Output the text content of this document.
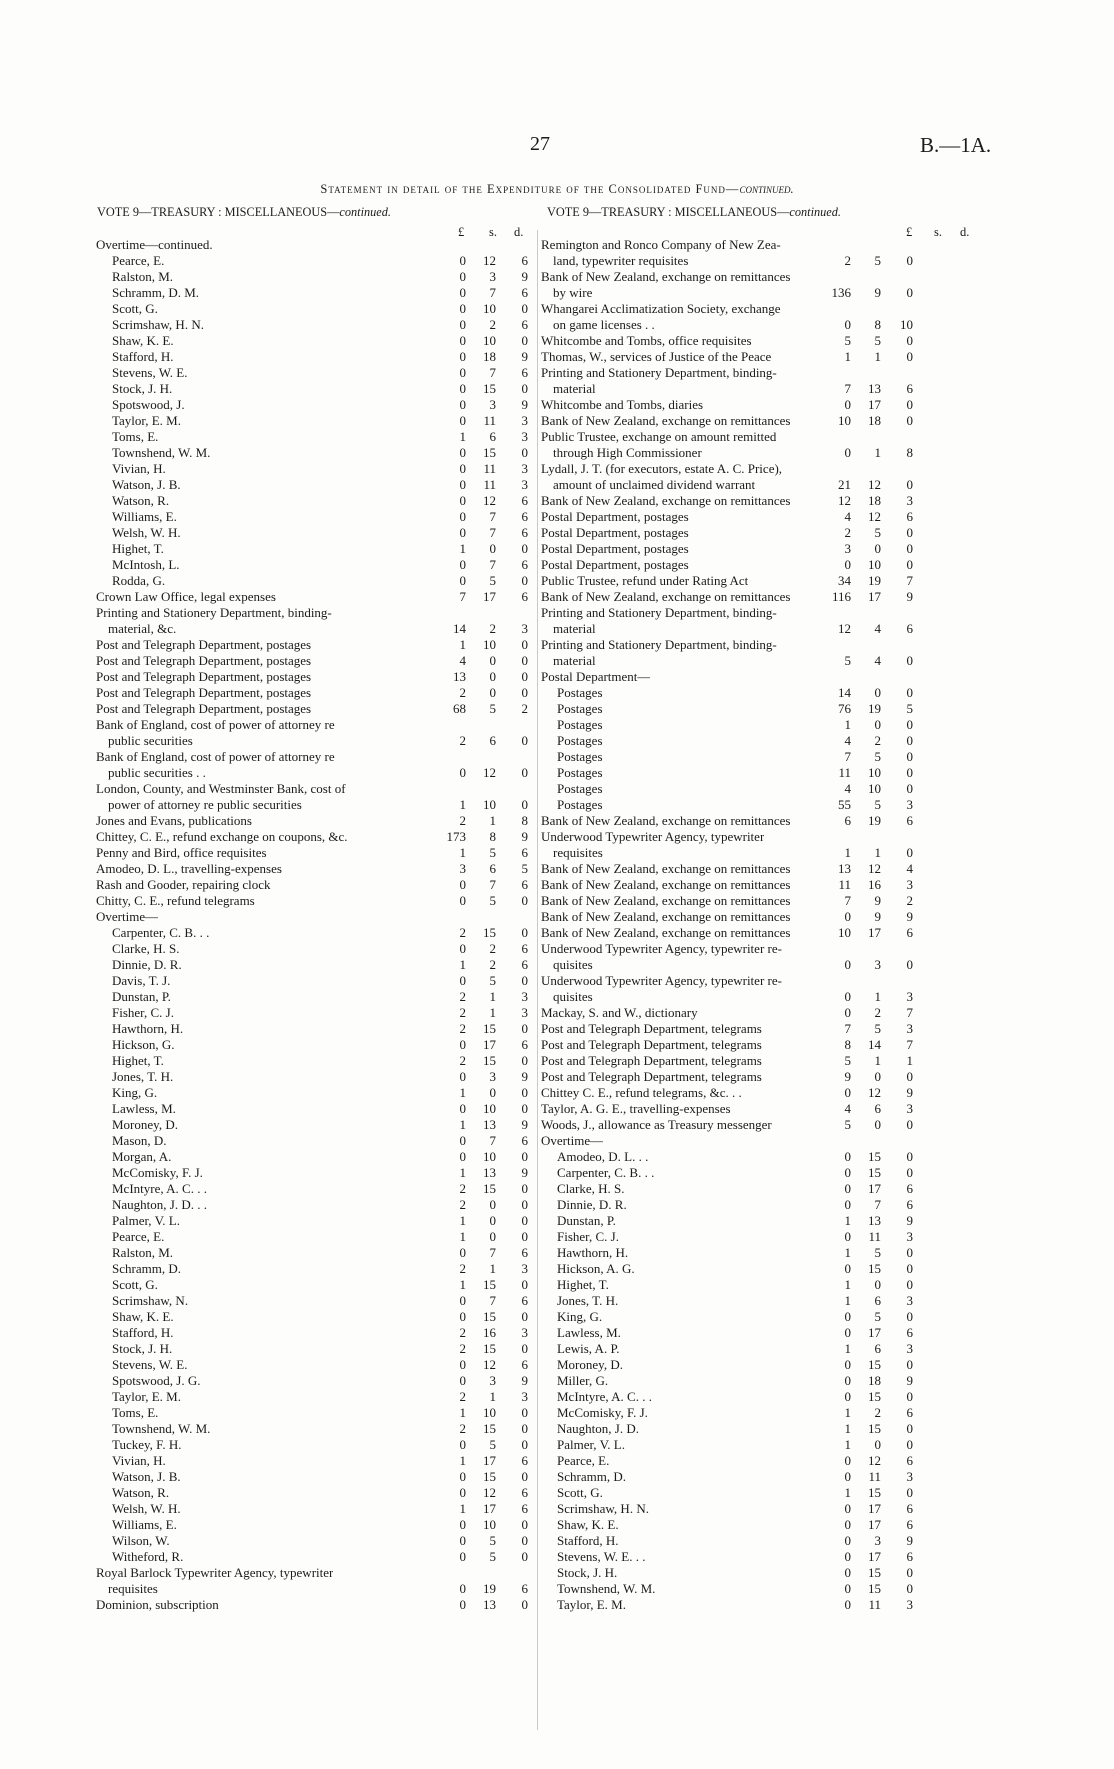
27	B.—1A.
Statement in detail of the Expenditure of the Consolidated Fund—continued.
VOTE 9—TREASURY : MISCELLANEOUS—continued.	VOTE 9—TREASURY : MISCELLANEOUS—continued.
£ s. d.	£ s. d.
Overtime—continued.
Pearce, E.	0	12	6
Ralston, M.	0	3	9
Schramm, D. M.	0	7	6
Scott, G.	0	10	0
Scrimshaw, H. N.	0	2	6
Shaw, K. E.	0	10	0
Stafford, H.	0	18	9
Stevens, W. E.	0	7	6
Stock, J. H.	0	15	0
Spotswood, J.	0	3	9
Taylor, E. M.	0	11	3
Toms, E.	1	6	3
Townshend, W. M.	0	15	0
Vivian, H.	0	11	3
Watson, J. B.	0	11	3
Watson, R.	0	12	6
Williams, E.	0	7	6
Welsh, W. H.	0	7	6
Highet, T.	1	0	0
McIntosh, L.	0	7	6
Rodda, G.	0	5	0
Crown Law Office, legal expenses	7	17	6
Printing and Stationery Department, binding-
material, &c.	14	2	3
Post and Telegraph Department, postages	1	10	0
Post and Telegraph Department, postages	4	0	0
Post and Telegraph Department, postages	13	0	0
Post and Telegraph Department, postages	2	0	0
Post and Telegraph Department, postages	68	5	2
Bank of England, cost of power of attorney re
public securities	2	6	0
Bank of England, cost of power of attorney re
public securities . .	0	12	0
London, County, and Westminster Bank, cost of
power of attorney re public securities	1	10	0
Jones and Evans, publications	2	1	8
Chittey, C. E., refund exchange on coupons, &c.	173	8	9
Penny and Bird, office requisites	1	5	6
Amodeo, D. L., travelling-expenses	3	6	5
Rash and Gooder, repairing clock	0	7	6
Chitty, C. E., refund telegrams	0	5	0
Overtime—
Carpenter, C. B. . .	2	15	0
Clarke, H. S.	0	2	6
Dinnie, D. R.	1	2	6
Davis, T. J.	0	5	0
Dunstan, P.	2	1	3
Fisher, C. J.	2	1	3
Hawthorn, H.	2	15	0
Hickson, G.	0	17	6
Highet, T.	2	15	0
Jones, T. H.	0	3	9
King, G.	1	0	0
Lawless, M.	0	10	0
Moroney, D.	1	13	9
Mason, D.	0	7	6
Morgan, A.	0	10	0
McComisky, F. J.	1	13	9
McIntyre, A. C. . .	2	15	0
Naughton, J. D. . .	2	0	0
Palmer, V. L.	1	0	0
Pearce, E.	1	0	0
Ralston, M.	0	7	6
Schramm, D.	2	1	3
Scott, G.	1	15	0
Scrimshaw, N.	0	7	6
Shaw, K. E.	0	15	0
Stafford, H.	2	16	3
Stock, J. H.	2	15	0
Stevens, W. E.	0	12	6
Spotswood, J. G.	0	3	9
Taylor, E. M.	2	1	3
Toms, E.	1	10	0
Townshend, W. M.	2	15	0
Tuckey, F. H.	0	5	0
Vivian, H.	1	17	6
Watson, J. B.	0	15	0
Watson, R.	0	12	6
Welsh, W. H.	1	17	6
Williams, E.	0	10	0
Wilson, W.	0	5	0
Witheford, R.	0	5	0
Royal Barlock Typewriter Agency, typewriter
requisites	0	19	6
Dominion, subscription	0	13	0
Remington and Ronco Company of New Zea-
land, typewriter requisites	2	5	0
Bank of New Zealand, exchange on remittances
by wire	136	9	0
Whangarei Acclimatization Society, exchange
on game licenses . .	0	8	10
Whitcombe and Tombs, office requisites	5	5	0
Thomas, W., services of Justice of the Peace	1	1	0
Printing and Stationery Department, binding-
material	7	13	6
Whitcombe and Tombs, diaries	0	17	0
Bank of New Zealand, exchange on remittances	10	18	0
Public Trustee, exchange on amount remitted
through High Commissioner	0	1	8
Lydall, J. T. (for executors, estate A. C. Price),
amount of unclaimed dividend warrant	21	12	0
Bank of New Zealand, exchange on remittances	12	18	3
Postal Department, postages	4	12	6
Postal Department, postages	2	5	0
Postal Department, postages	3	0	0
Postal Department, postages	0	10	0
Public Trustee, refund under Rating Act	34	19	7
Bank of New Zealand, exchange on remittances	116	17	9
Printing and Stationery Department, binding-
material	12	4	6
Printing and Stationery Department, binding-
material	5	4	0
Postal Department—
Postages	14	0	0
Postages	76	19	5
Postages	1	0	0
Postages	4	2	0
Postages	7	5	0
Postages	11	10	0
Postages	4	10	0
Postages	55	5	3
Bank of New Zealand, exchange on remittances	6	19	6
Underwood Typewriter Agency, typewriter
requisites	1	1	0
Bank of New Zealand, exchange on remittances	13	12	4
Bank of New Zealand, exchange on remittances	11	16	3
Bank of New Zealand, exchange on remittances	7	9	2
Bank of New Zealand, exchange on remittances	0	9	9
Bank of New Zealand, exchange on remittances	10	17	6
Underwood Typewriter Agency, typewriter re-
quisites	0	3	0
Underwood Typewriter Agency, typewriter re-
quisites	0	1	3
Mackay, S. and W., dictionary	0	2	7
Post and Telegraph Department, telegrams	7	5	3
Post and Telegraph Department, telegrams	8	14	7
Post and Telegraph Department, telegrams	5	1	1
Post and Telegraph Department, telegrams	9	0	0
Chittey C. E., refund telegrams, &c. . .	0	12	9
Taylor, A. G. E., travelling-expenses	4	6	3
Woods, J., allowance as Treasury messenger	5	0	0
Overtime—
Amodeo, D. L. . .	0	15	0
Carpenter, C. B. . .	0	15	0
Clarke, H. S.	0	17	6
Dinnie, D. R.	0	7	6
Dunstan, P.	1	13	9
Fisher, C. J.	0	11	3
Hawthorn, H.	1	5	0
Hickson, A. G.	0	15	0
Highet, T.	1	0	0
Jones, T. H.	1	6	3
King, G.	0	5	0
Lawless, M.	0	17	6
Lewis, A. P.	1	6	3
Moroney, D.	0	15	0
Miller, G.	0	18	9
McIntyre, A. C. . .	0	15	0
McComisky, F. J.	1	2	6
Naughton, J. D.	1	15	0
Palmer, V. L.	1	0	0
Pearce, E.	0	12	6
Schramm, D.	0	11	3
Scott, G.	1	15	0
Scrimshaw, H. N.	0	17	6
Shaw, K. E.	0	17	6
Stafford, H.	0	3	9
Stevens, W. E. . .	0	17	6
Stock, J. H.	0	15	0
Townshend, W. M.	0	15	0
Taylor, E. M.	0	11	3
